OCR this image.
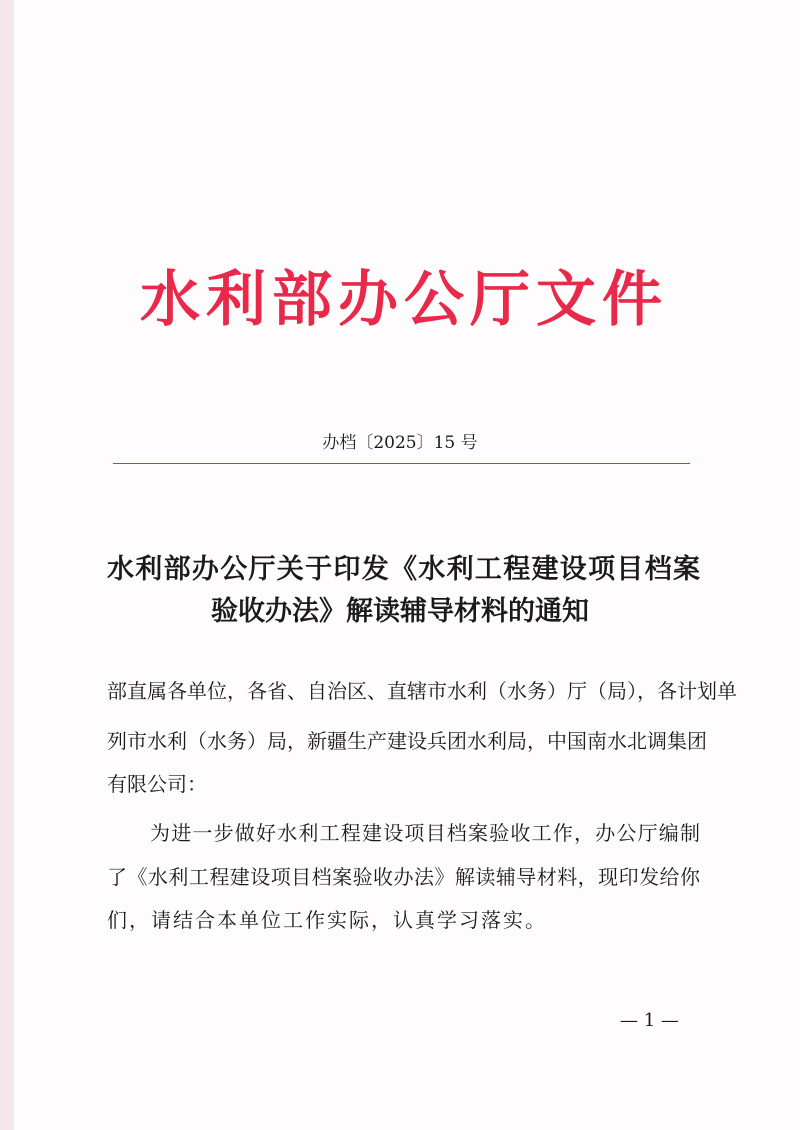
水利部办公厅文件
办档〔2025〕15 号
水利部办公厅关于印发《水利工程建设项目档案
验收办法》解读辅导材料的通知
部直属各单位，各省、自治区、直辖市水利（水务）厅（局），各计划单
列市水利（水务）局，新疆生产建设兵团水利局，中国南水北调集团
有限公司：
为进一步做好水利工程建设项目档案验收工作，办公厅编制
了《水利工程建设项目档案验收办法》解读辅导材料，现印发给你
们，请结合本单位工作实际，认真学习落实。
— 1 —
